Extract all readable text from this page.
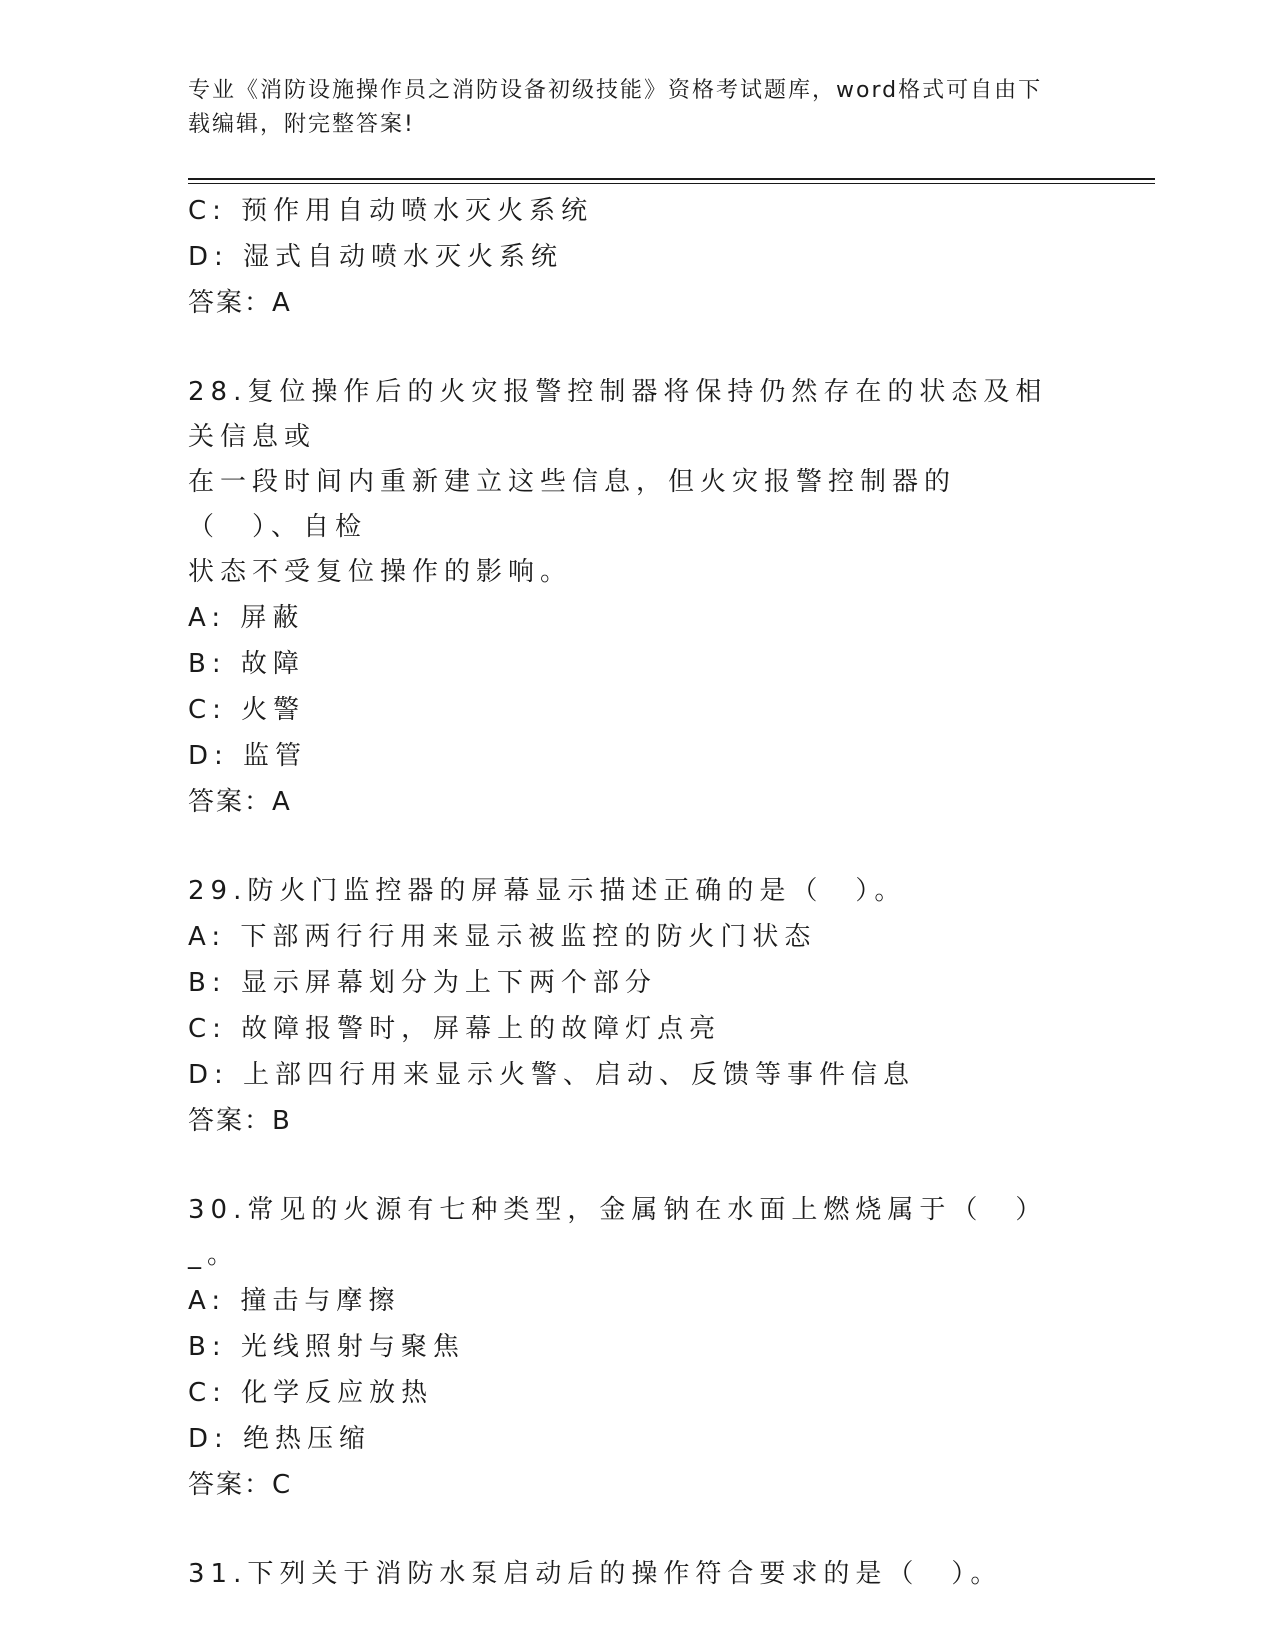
专业《消防设施操作员之消防设备初级技能》资格考试题库，word格式可自由下
载编辑，附完整答案!
C: 预作用自动喷水灭火系统
D: 湿式自动喷水灭火系统
答案：A
28.复位操作后的火灾报警控制器将保持仍然存在的状态及相关信息或
在一段时间内重新建立这些信息，但火灾报警控制器的（　）、自检
状态不受复位操作的影响。
A: 屏蔽
B: 故障
C: 火警
D: 监管
答案：A
29.防火门监控器的屏幕显示描述正确的是（　）。
A: 下部两行行用来显示被监控的防火门状态
B: 显示屏幕划分为上下两个部分
C: 故障报警时，屏幕上的故障灯点亮
D: 上部四行用来显示火警、启动、反馈等事件信息
答案：B
30.常见的火源有七种类型，金属钠在水面上燃烧属于（　）_。
A: 撞击与摩擦
B: 光线照射与聚焦
C: 化学反应放热
D: 绝热压缩
答案：C
31.下列关于消防水泵启动后的操作符合要求的是（　）。
